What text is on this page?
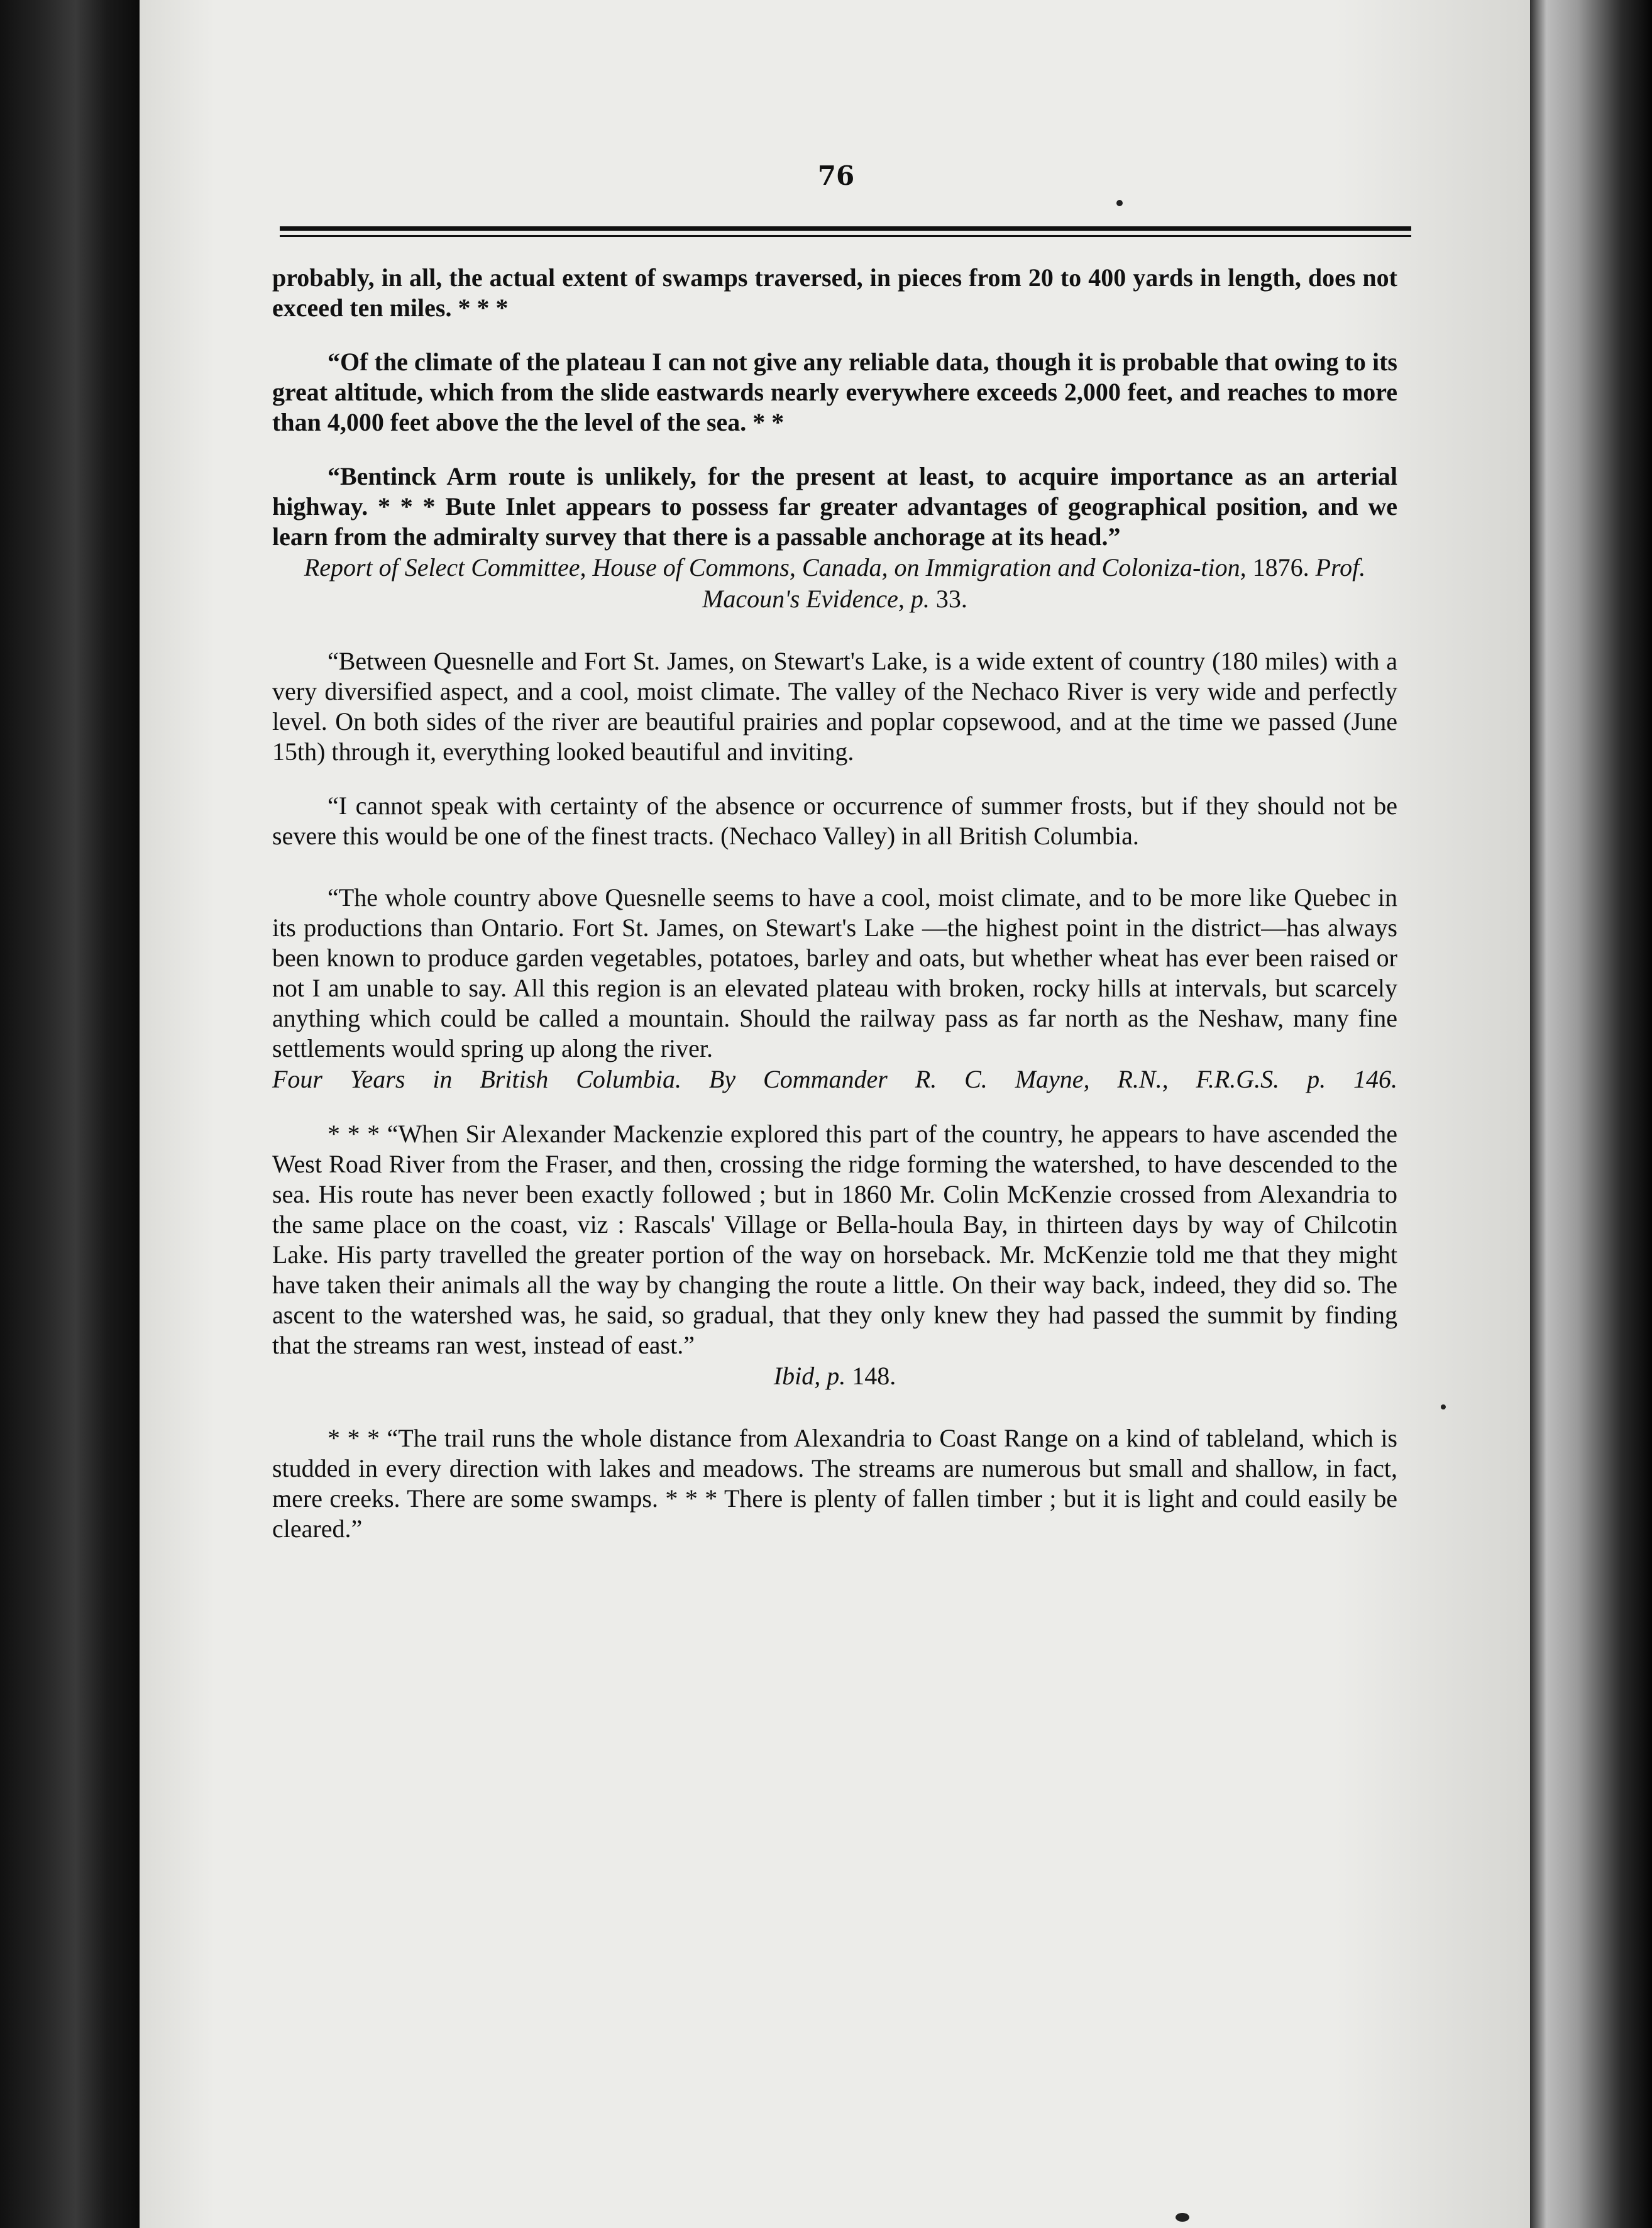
76

probably, in all, the actual extent of swamps traversed, in pieces from 20 to 400 yards in length, does not exceed ten miles. * * *

“Of the climate of the plateau I can not give any reliable data, though it is probable that owing to its great altitude, which from the slide eastwards nearly everywhere exceeds 2,000 feet, and reaches to more than 4,000 feet above the the level of the sea. * *

“Bentinck Arm route is unlikely, for the present at least, to acquire importance as an arterial highway. * * * Bute Inlet appears to possess far greater advantages of geographical position, and we learn from the admiralty survey that there is a passable anchorage at its head.”

Report of Select Committee, House of Commons, Canada, on Immigration and Coloniza-tion, 1876. Prof. Macoun's Evidence, p. 33.

“Between Quesnelle and Fort St. James, on Stewart's Lake, is a wide extent of country (180 miles) with a very diversified aspect, and a cool, moist climate. The valley of the Nechaco River is very wide and perfectly level. On both sides of the river are beautiful prairies and poplar copsewood, and at the time we passed (June 15th) through it, everything looked beautiful and inviting.

“I cannot speak with certainty of the absence or occurrence of summer frosts, but if they should not be severe this would be one of the finest tracts. (Nechaco Valley) in all British Columbia.

“The whole country above Quesnelle seems to have a cool, moist climate, and to be more like Quebec in its productions than Ontario. Fort St. James, on Stewart's Lake —the highest point in the district—has always been known to produce garden vegetables, potatoes, barley and oats, but whether wheat has ever been raised or not I am unable to say. All this region is an elevated plateau with broken, rocky hills at intervals, but scarcely anything which could be called a mountain. Should the railway pass as far north as the Neshaw, many fine settlements would spring up along the river.

Four Years in British Columbia. By Commander R. C. Mayne, R.N., F.R.G.S. p. 146.

* * * “When Sir Alexander Mackenzie explored this part of the country, he appears to have ascended the West Road River from the Fraser, and then, crossing the ridge forming the watershed, to have descended to the sea. His route has never been exactly followed ; but in 1860 Mr. Colin McKenzie crossed from Alexandria to the same place on the coast, viz : Rascals' Village or Bella-houla Bay, in thirteen days by way of Chilcotin Lake. His party travelled the greater portion of the way on horseback. Mr. McKenzie told me that they might have taken their animals all the way by changing the route a little. On their way back, indeed, they did so. The ascent to the watershed was, he said, so gradual, that they only knew they had passed the summit by finding that the streams ran west, instead of east.”

Ibid, p. 148.

* * * “The trail runs the whole distance from Alexandria to Coast Range on a kind of tableland, which is studded in every direction with lakes and meadows. The streams are numerous but small and shallow, in fact, mere creeks. There are some swamps. * * * There is plenty of fallen timber ; but it is light and could easily be cleared.”
